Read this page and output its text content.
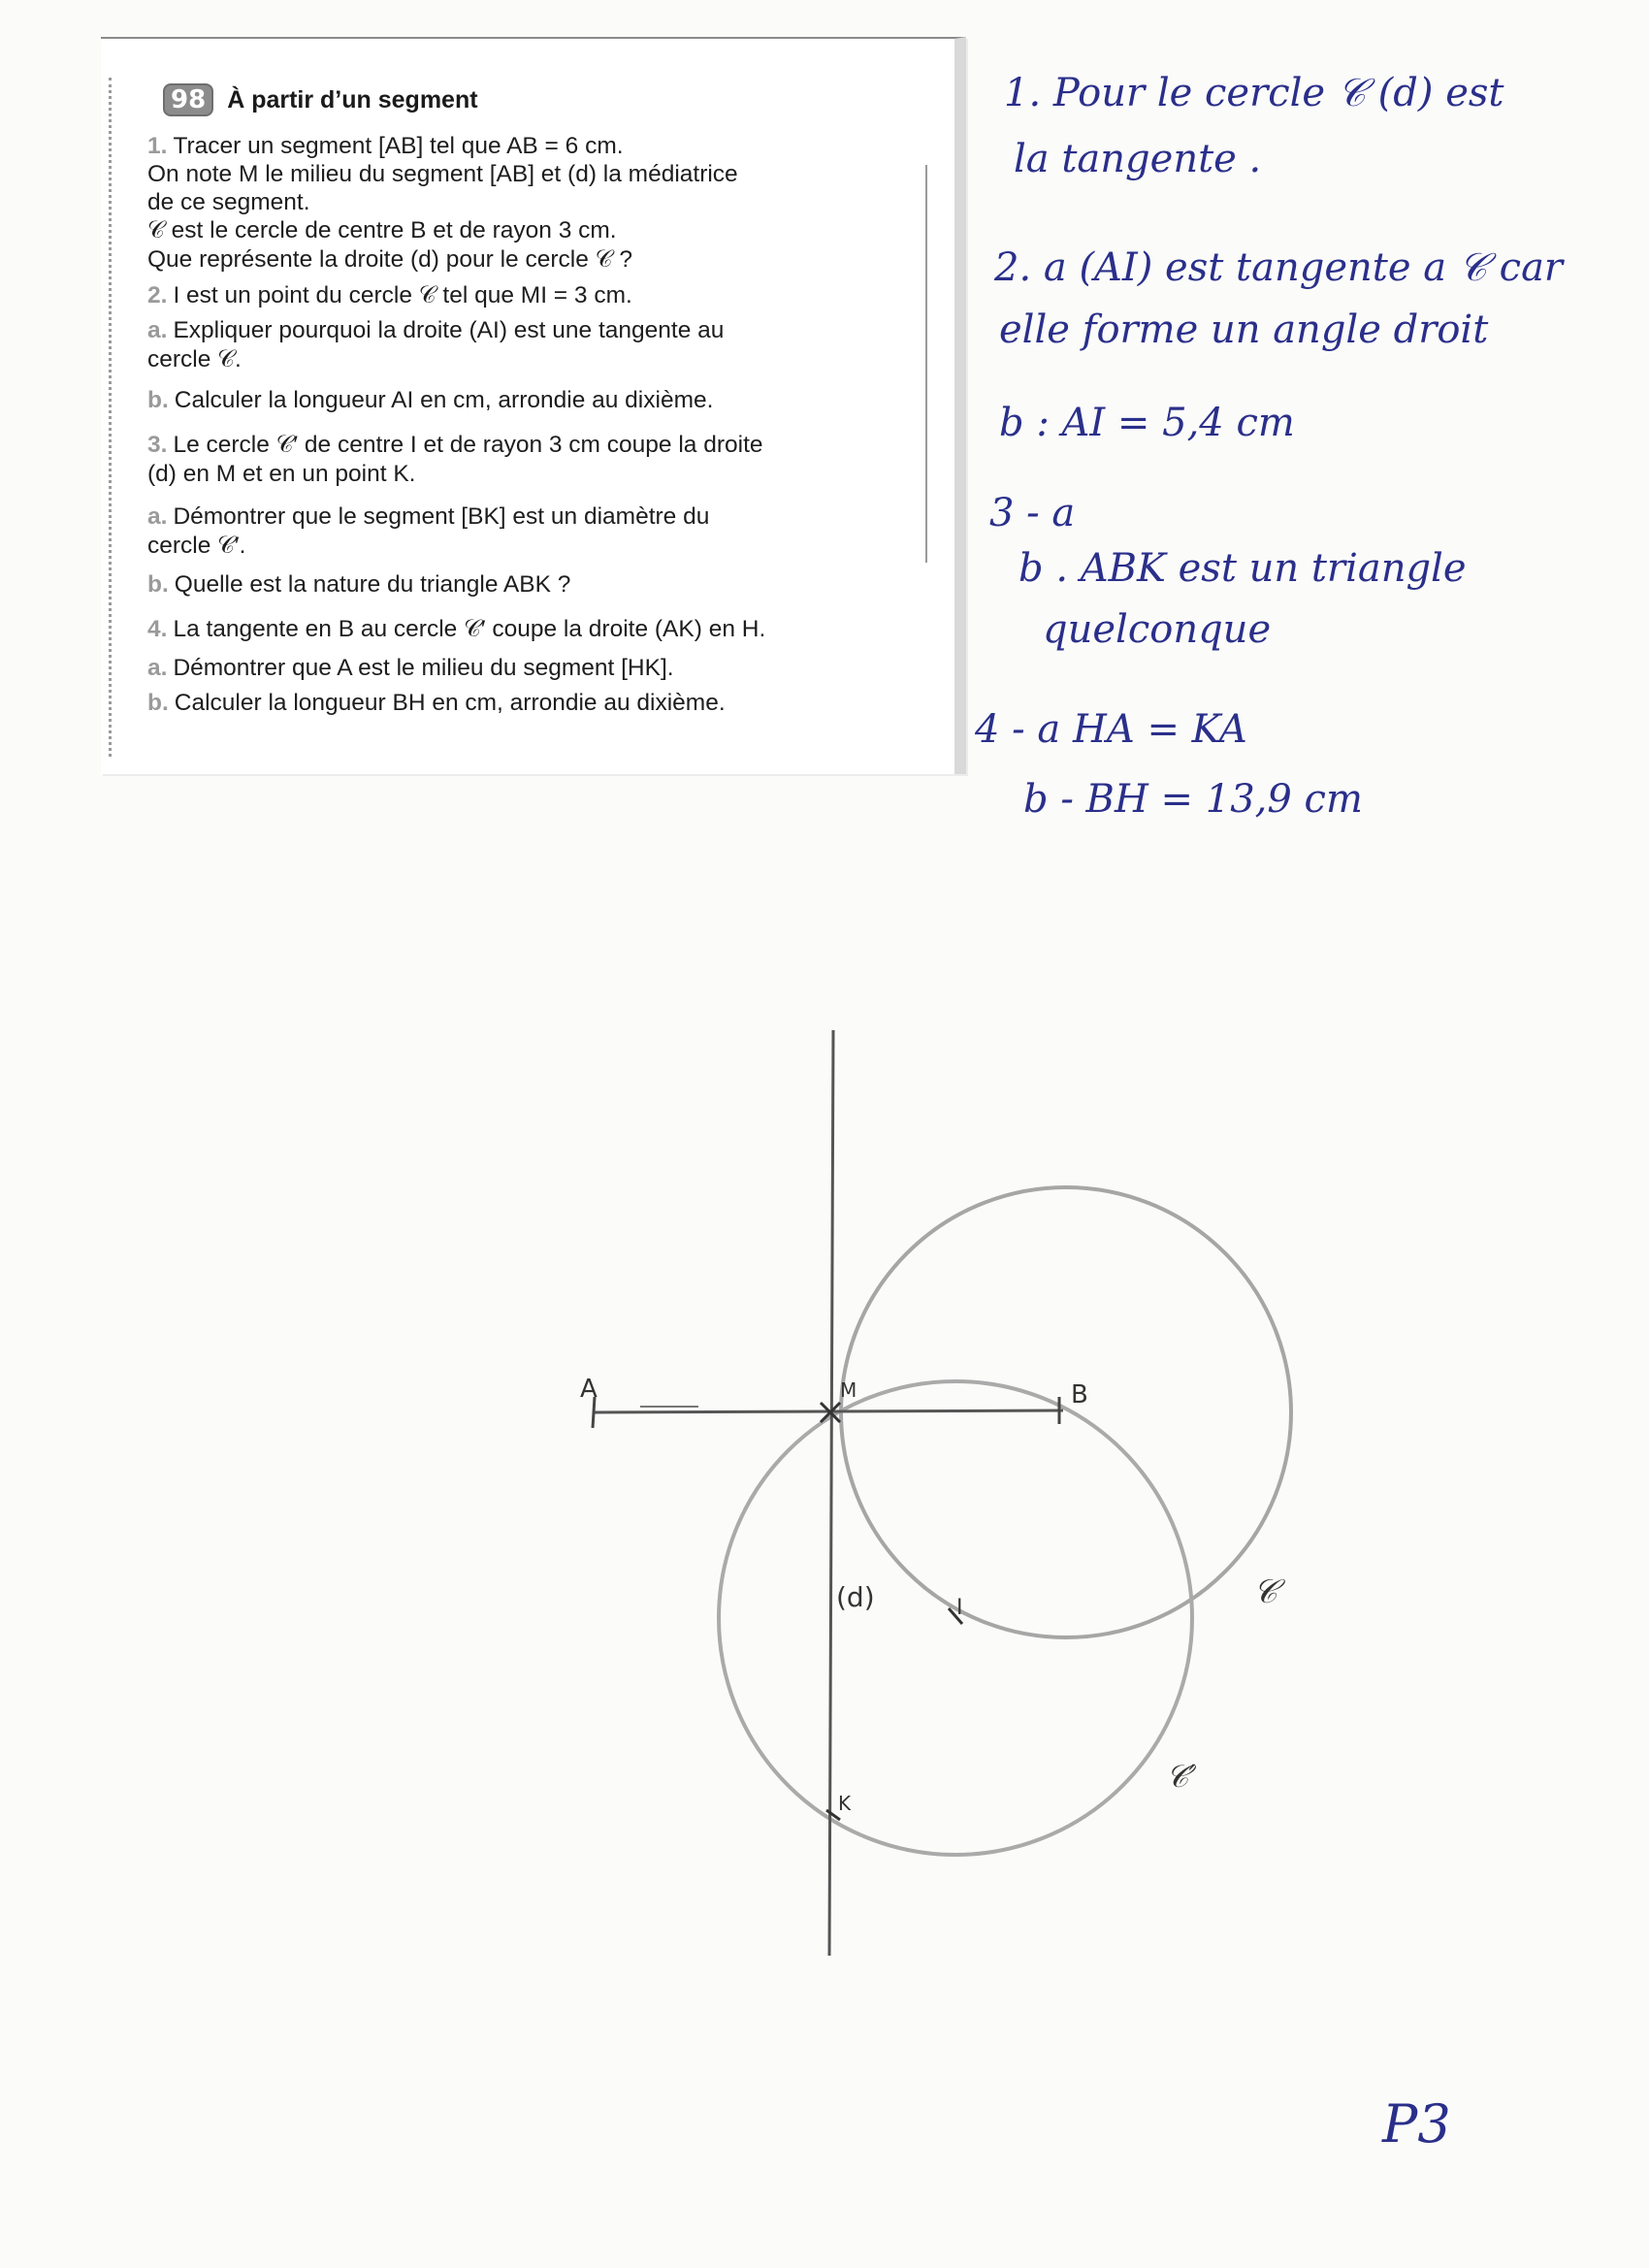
98 À partir d’un segment
1. Tracer un segment [AB] tel que AB = 6 cm.
On note M le milieu du segment [AB] et (d) la médiatrice
de ce segment.
𝒞 est le cercle de centre B et de rayon 3 cm.
Que représente la droite (d) pour le cercle 𝒞 ?
2. I est un point du cercle 𝒞 tel que MI = 3 cm.
a. Expliquer pourquoi la droite (AI) est une tangente au
cercle 𝒞.
b. Calculer la longueur AI en cm, arrondie au dixième.
3. Le cercle 𝒞′ de centre I et de rayon 3 cm coupe la droite
(d) en M et en un point K.
a. Démontrer que le segment [BK] est un diamètre du
cercle 𝒞′.
b. Quelle est la nature du triangle ABK ?
4. La tangente en B au cercle 𝒞′ coupe la droite (AK) en H.
a. Démontrer que A est le milieu du segment [HK].
b. Calculer la longueur BH en cm, arrondie au dixième.
1. Pour le cercle 𝒞 (d) est
la tangente .
2. a (AI) est tangente a 𝒞 car
elle forme un angle droit
b : AI = 5,4 cm
3 - a
b . ABK est un triangle
quelconque
4 - a HA = KA
b - BH = 13,9 cm
P3
A	B
M
I
K
(d)	𝒞
𝒞′
